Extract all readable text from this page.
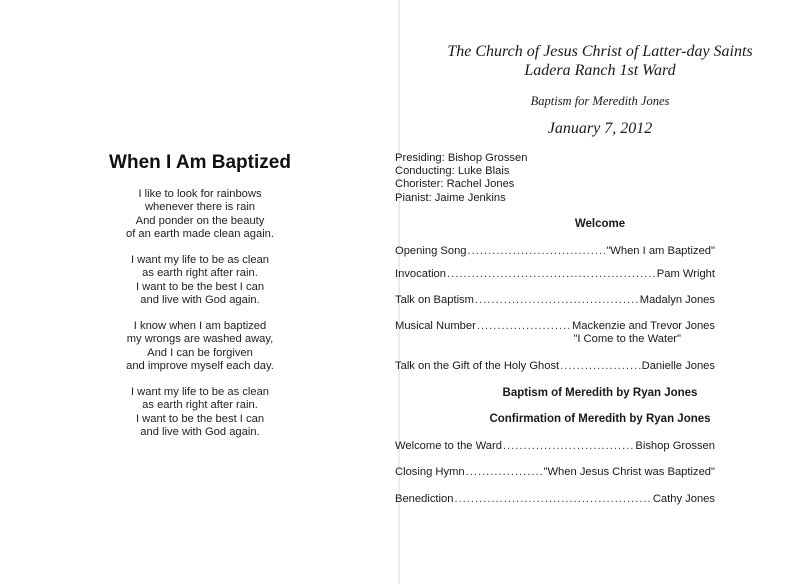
When I Am Baptized
I like to look for rainbows
whenever there is rain
And ponder on the beauty
of an earth made clean again.
I want my life to be as clean
as earth right after rain.
I want to be the best I can
and live with God again.
I know when I am baptized
my wrongs are washed away,
And I can be forgiven
and improve myself each day.
I want my life to be as clean
as earth right after rain.
I want to be the best I can
and live with God again.
The Church of Jesus Christ of Latter-day Saints
Ladera Ranch 1st Ward
Baptism for Meredith Jones
January 7, 2012
Presiding: Bishop Grossen
Conducting: Luke Blais
Chorister: Rachel Jones
Pianist: Jaime Jenkins
Welcome
Opening Song .....	"When I am Baptized"
Invocation .....	Pam Wright
Talk on Baptism .....	Madalyn Jones
Musical Number .....	Mackenzie and Trevor Jones
"I Come to the Water"
Talk on the Gift of the Holy Ghost .....	Danielle Jones
Baptism of Meredith by Ryan Jones
Confirmation of Meredith by Ryan Jones
Welcome to the Ward .....	Bishop Grossen
Closing Hymn .....	"When Jesus Christ was Baptized"
Benediction .....	Cathy Jones
